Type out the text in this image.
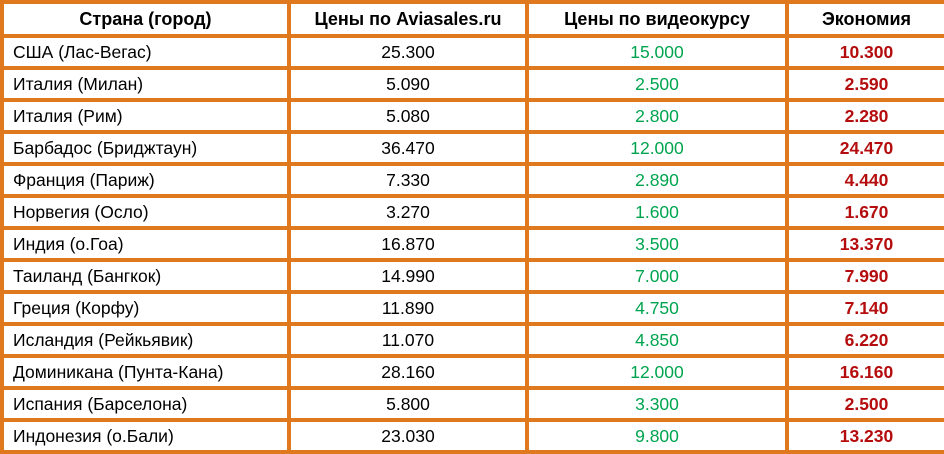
Страна (город)	Цены по Aviasales.ru	Цены по видеокурсу	Экономия
США (Лас-Вегас)	25.300	15.000	10.300
Италия (Милан)	5.090	2.500	2.590
Италия (Рим)	5.080	2.800	2.280
Барбадос (Бриджтаун)	36.470	12.000	24.470
Франция (Париж)	7.330	2.890	4.440
Норвегия (Осло)	3.270	1.600	1.670
Индия (о.Гоа)	16.870	3.500	13.370
Таиланд (Бангкок)	14.990	7.000	7.990
Греция (Корфу)	11.890	4.750	7.140
Исландия (Рейкьявик)	11.070	4.850	6.220
Доминикана (Пунта-Кана)	28.160	12.000	16.160
Испания (Барселона)	5.800	3.300	2.500
Индонезия (о.Бали)	23.030	9.800	13.230
